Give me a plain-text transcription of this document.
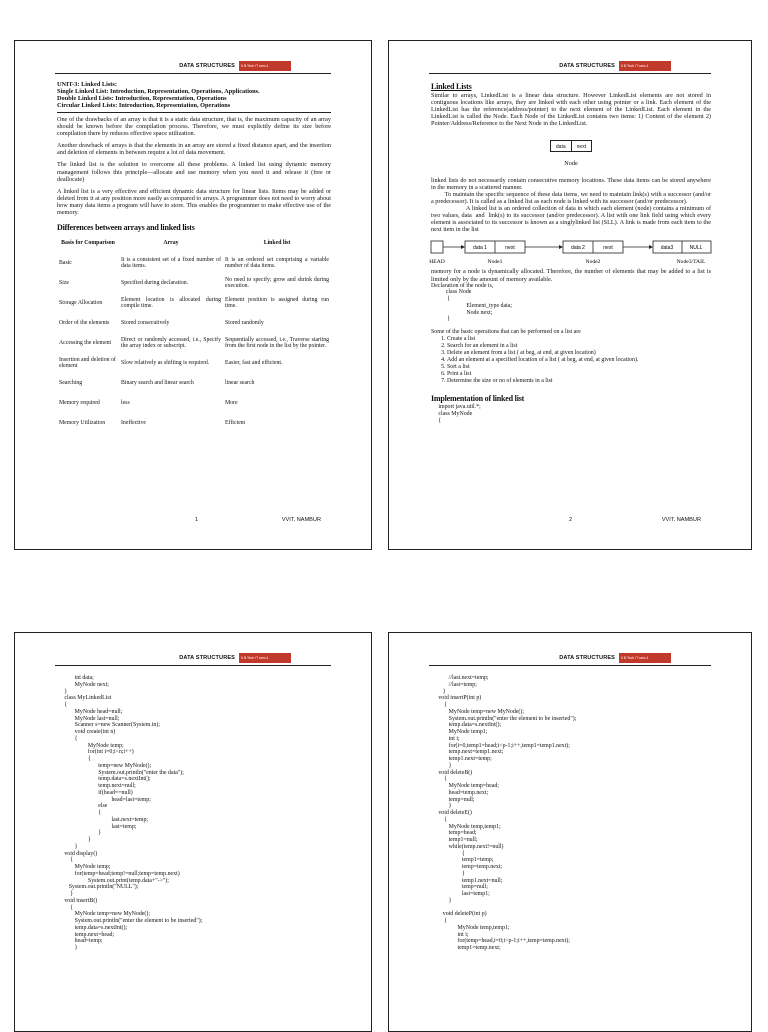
DATA STRUCTURES	II B.Tech IT sem-1
UNIT-3: Linked Lists:
Single Linked List: Introduction, Representation, Operations, Applications.
Double Linked Lists: Introduction, Representation, Operations
Circular Linked Lists: Introduction, Representation, Operations

One of the drawbacks of an array is that it is a static data structure, that is, the maximum capacity of an array should be known before the compilation process. Therefore, we must explicitly define its size before compilation there by reduces effective space utilization.

Another drawback of arrays is that the elements in an array are stored a fixed distance apart, and the insertion and deletion of elements in between require a lot of data movement.

The linked list is the solution to overcome all these problems. A linked list using dynamic memory management follows this principle—allocate and use memory when you need it and release it (free or deallocate)

A linked list is a very effective and efficient dynamic data structure for linear lists. Items may be added or deleted from it at any position more easily as compared to arrays. A programmer does not need to worry about how many data items a program will have to store. This enables the programmer to make effective use of the memory.

Differences between arrays and linked lists
Basis for Comparison	Array	Linked list
Basic	It is a consistent set of a fixed number of data items.	It is an ordered set comprising a variable number of data items.
Size	Specified during declaration.	No need to specify; grow and shrink during execution.
Storage Allocation	Element location is allocated during compile time.	Element position is assigned during run time.
Order of the elements	Stored consecutively	Stored randomly
Accessing the element	Direct or randomly accessed, i.e., Specify the array index or subscript.	Sequentially accessed, i.e., Traverse starting from the first node in the list by the pointer.
Insertion and deletion of element	Slow relatively as shifting is required.	Easier, fast and efficient.
Searching	Binary search and linear search	linear search
Memory required	less	More
Memory Utilization	Ineffective	Efficient
1	VVIT, NAMBUR
DATA STRUCTURES	II B.Tech IT sem-1
Linked Lists

Similar to arrays, LinkedList is a linear data structure. However LinkedList elements are not stored in contiguous locations like arrays, they are linked with each other using pointer or a link. Each element of the LinkedList has the reference(address/pointer) to the next element of the LinkedList. Each element in the LinkedList is called the Node. Each Node of the LinkedList contains two items: 1) Content of the element 2) Pointer/Address/Reference to the Next Node in the LinkedList.

data	next
Node

linked lists do not necessarily contain consecutive memory locations. These data items can be stored anywhere in the memory in a scattered manner.

To maintain the specific sequence of these data items, we need to maintain link(s) with a successor (and/or a predecessor). It is called as a linked list as each node is linked with its successor (and/or predecessor).

A linked list is an ordered collection of data in which each element (node) contains a minimum of two values, data  and  link(s) to its successor (and/or predecessor). A list with one link field using which every element is associated to its successor is known as a singlylinked list (SLL). A link is made from each item to the next item in the list

data 1	next	data 2	next	data3	NULL
HEAD	Node1	Node2	Node3/TAIL

memory for a node is dynamically allocated. Therefore, the number of elements that may be added to a list is limited only by the amount of memory available.

Declaration of the node is,
class Node
{
Element_type data;
Node next;
}
Some of the basic operations that can be performed on a list are
1. Create a list
2. Search for an element in a list
3. Delete an element from a list ( at beg, at end, at given location)
4. Add an element at a specified location of a list ( at beg, at end, at given location).
5. Sort a list
6. Print a list
7. Determine the size or no of elements in a list
Implementation of linked list
import java.util.*;
class MyNode
{
2	VVIT, NAMBUR
DATA STRUCTURES	II B.Tech IT sem-1
int data;
MyNode next;
}
class MyLinkedList
{
MyNode head=null;
MyNode last=null;
Scanner s=new Scanner(System.in);
void create(int n)
{
MyNode temp;
for(int i=0;i<n;i++)
{
temp=new MyNode();
System.out.println("enter the data");
temp.data=s.nextInt();
temp.next=null;
if(head==null)
head=last=temp;
else
{
last.next=temp;
last=temp;
}
}
}
void display()
{
MyNode temp;
for(temp=head;temp!=null;temp=temp.next)
System.out.print(temp.data+"->");
System.out.println("NULL");
}
void insertB()
{
MyNode temp=new MyNode();
System.out.println("enter the element to be inserted");
temp.data=s.nextInt();
temp.next=head;
head=temp;
}
DATA STRUCTURES	II B.Tech IT sem-1
//last.next=temp;
//last=temp;
}
void insertP(int p)
{
MyNode temp=new MyNode();
System.out.println("enter the element to be inserted");
temp.data=s.nextInt();
MyNode temp1;
int i;
for(i=0,temp1=head;i<p-1;i++,temp1=temp1.next);
temp.next=temp1.next;
temp1.next=temp;
}
void deleteB()
{
MyNode temp=head;
head=temp.next;
temp=null;
}
void deleteE()
{
MyNode temp,temp1;
temp=head;
temp1=null;
while(temp.next!=null)
{
temp1=temp;
temp=temp.next;
}
temp1.next=null;
temp=null;
last=temp1;
}

void deleteP(int p)
{
MyNode temp,temp1;
int i;
for(temp=head,i=0;i<p-1;i++,temp=temp.next);
temp1=temp.next;
